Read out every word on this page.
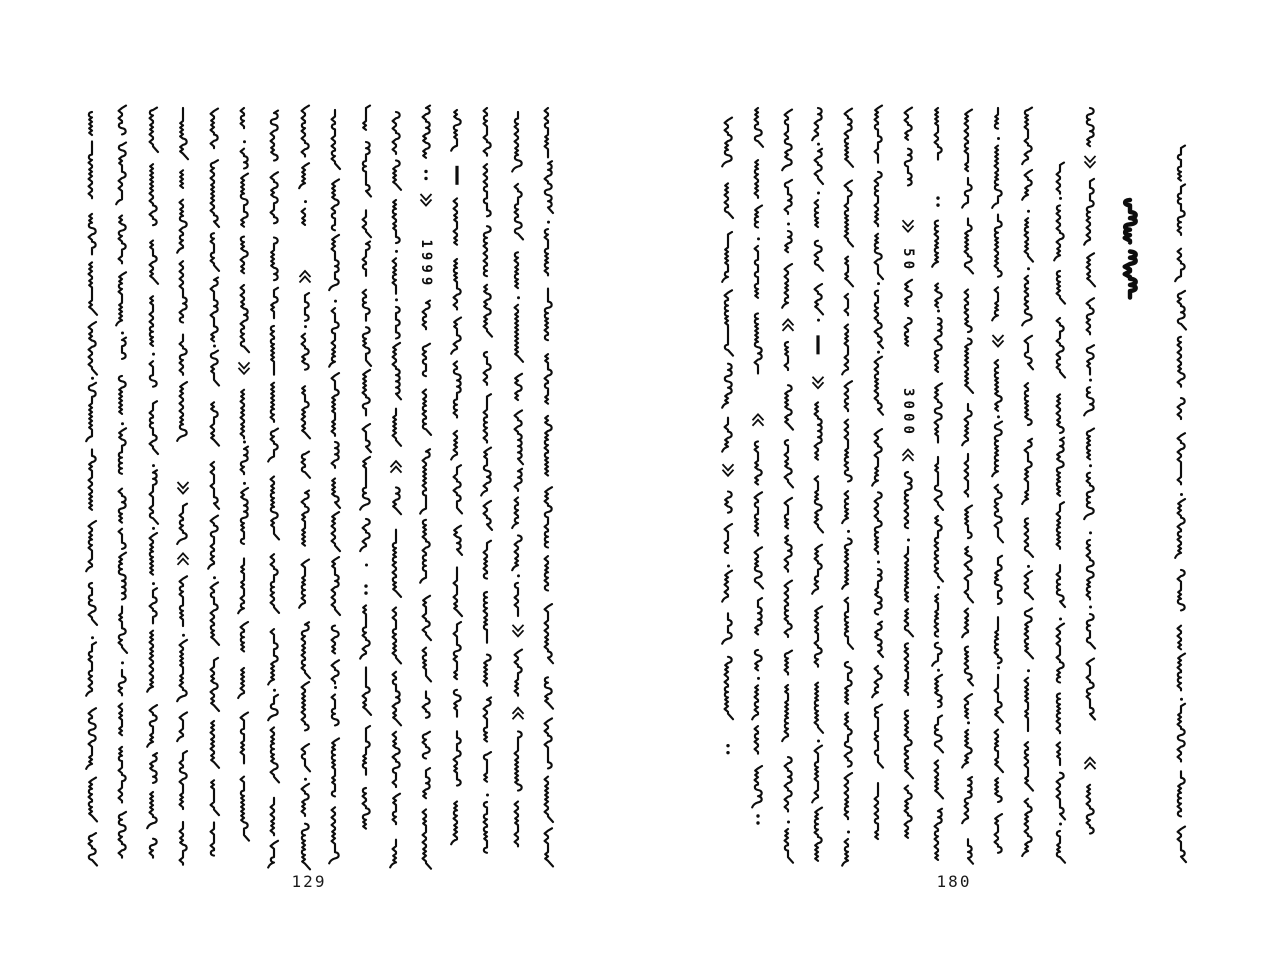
1
9
9
9
5
0
3
0
0
0
129	180
